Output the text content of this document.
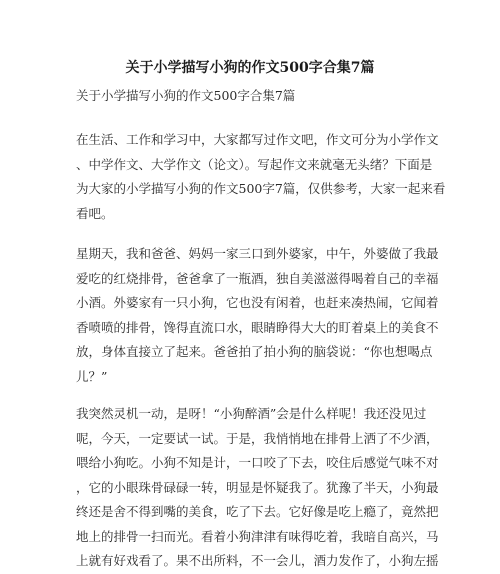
关于小学描写小狗的作文500字合集7篇
关于小学描写小狗的作文500字合集7篇
在生活、工作和学习中，大家都写过作文吧，作文可分为小学作文
、中学作文、大学作文（论文）。写起作文来就毫无头绪？下面是
为大家的小学描写小狗的作文500字7篇，仅供参考，大家一起来看
看吧。
星期天，我和爸爸、妈妈一家三口到外婆家，中午，外婆做了我最
爱吃的红烧排骨，爸爸拿了一瓶酒，独自美滋滋得喝着自己的幸福
小酒。外婆家有一只小狗，它也没有闲着，也赶来凑热闹，它闻着
香喷喷的排骨，馋得直流口水，眼睛睁得大大的盯着桌上的美食不
放，身体直接立了起来。爸爸拍了拍小狗的脑袋说：“你也想喝点
儿？”
我突然灵机一动，是呀！“小狗醉酒”会是什么样呢！我还没见过
呢，今天，一定要试一试。于是，我悄悄地在排骨上洒了不少酒，
喂给小狗吃。小狗不知是计，一口咬了下去，咬住后感觉气味不对
，它的小眼珠骨碌碌一转，明显是怀疑我了。犹豫了半天，小狗最
终还是舍不得到嘴的美食，吃了下去。它好像是吃上瘾了，竟然把
地上的排骨一扫而光。看着小狗津津有味得吃着，我暗自高兴，马
上就有好戏看了。果不出所料，不一会儿，酒力发作了，小狗左摇
